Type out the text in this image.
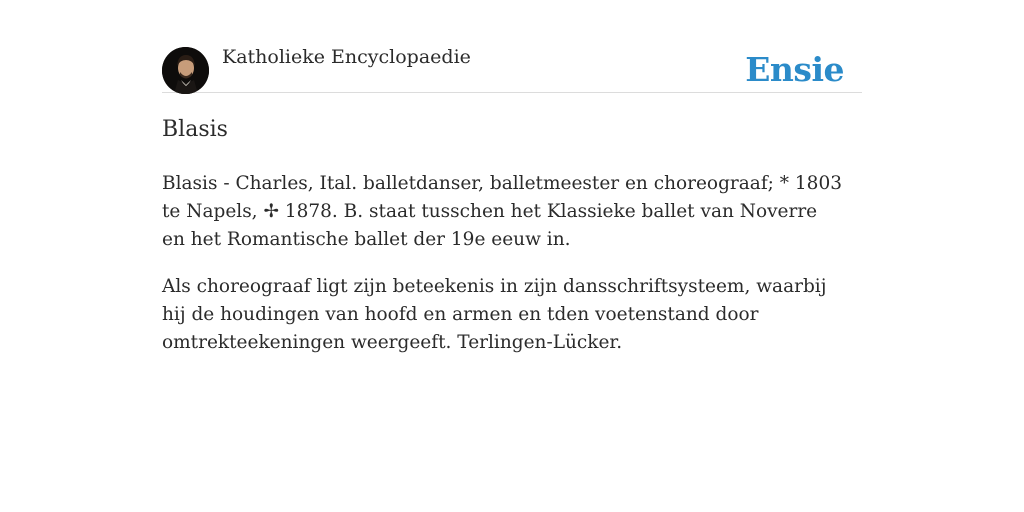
Katholieke Encyclopaedie	Ensie
Blasis

Blasis - Charles, Ital. balletdanser, balletmeester en choreograaf; * 1803 te Napels, ✢ 1878. B. staat tusschen het Klassieke ballet van Noverre en het Romantische ballet der 19e eeuw in.

Als choreograaf ligt zijn beteekenis in zijn dansschriftsysteem, waarbij hij de houdingen van hoofd en armen en tden voetenstand door omtrekteekeningen weergeeft. Terlingen-Lücker.
